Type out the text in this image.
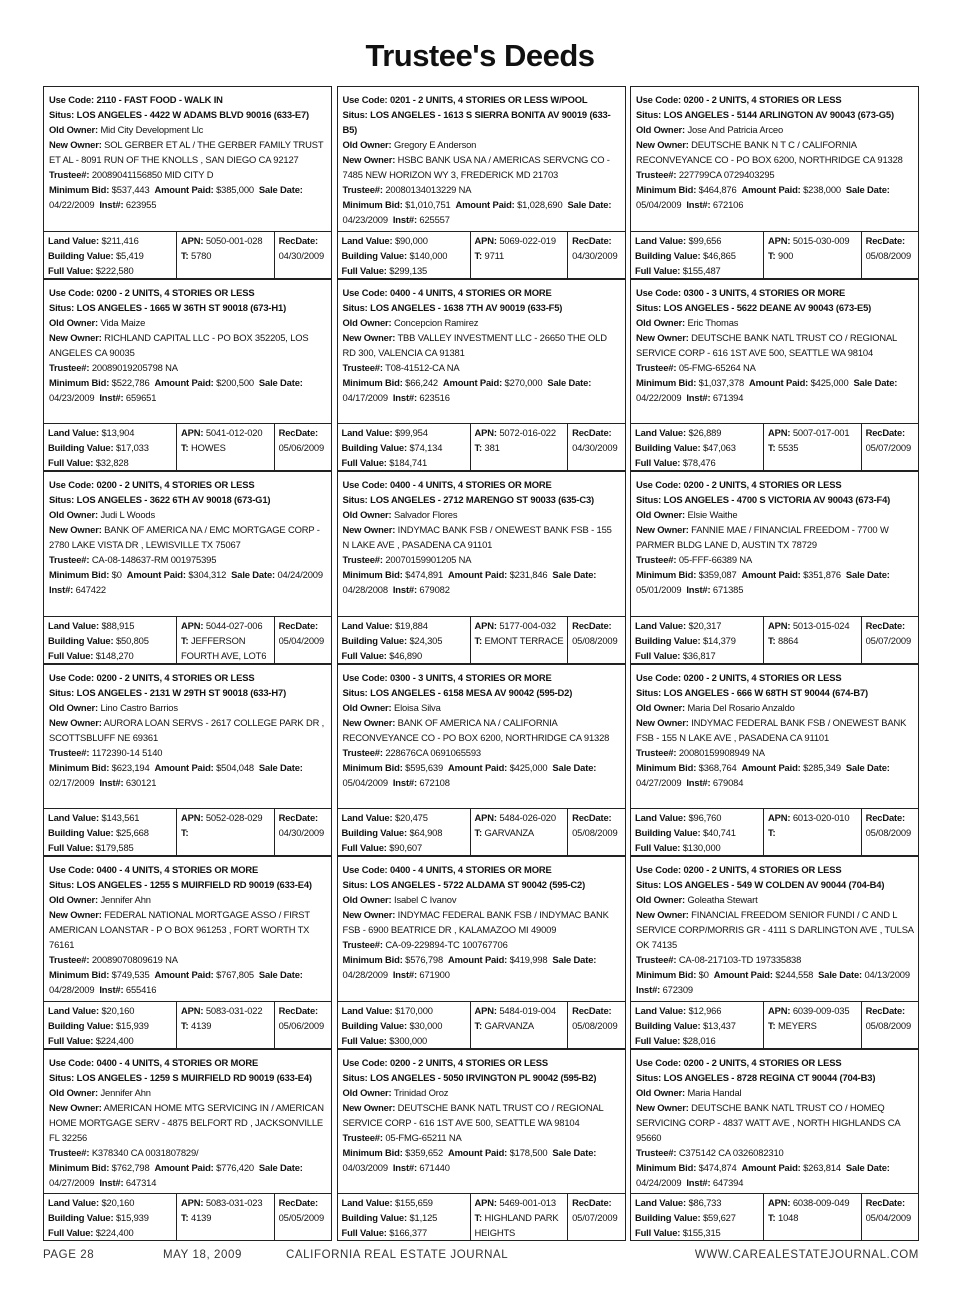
Trustee's Deeds
Use Code: 2110 - FAST FOOD - WALK IN
Situs: LOS ANGELES - 4422 W ADAMS BLVD 90016 (633-E7)
Old Owner: Mid City Development Llc
New Owner: SOL GERBER ET AL / THE GERBER FAMILY TRUST ET AL - 8091 RUN OF THE KNOLLS , SAN DIEGO CA 92127
Trustee#: 20089041156850 MID CITY D
Minimum Bid: $537,443 Amount Paid: $385,000 Sale Date: 04/22/2009 Inst#: 623955
Land Value: $211,416
Building Value: $5,419
Full Value: $222,580
APN: 5050-001-028
T: 5780
RecDate:
04/30/2009
Use Code: 0201 - 2 UNITS, 4 STORIES OR LESS W/POOL
Situs: LOS ANGELES - 1613 S SIERRA BONITA AV 90019 (633-B5)
Old Owner: Gregory E Anderson
New Owner: HSBC BANK USA NA / AMERICAS SERVCNG CO - 7485 NEW HORIZON WY 3, FREDERICK MD 21703
Trustee#: 20080134013229 NA
Minimum Bid: $1,010,751 Amount Paid: $1,028,690 Sale Date: 04/23/2009 Inst#: 625557
Land Value: $90,000
Building Value: $140,000
Full Value: $299,135
APN: 5069-022-019
T: 9711
RecDate:
04/30/2009
Use Code: 0200 - 2 UNITS, 4 STORIES OR LESS
Situs: LOS ANGELES - 5144 ARLINGTON AV 90043 (673-G5)
Old Owner: Jose And Patricia Arceo
New Owner: DEUTSCHE BANK N T C / CALIFORNIA RECONVEYANCE CO - PO BOX 6200, NORTHRIDGE CA 91328
Trustee#: 227799CA 0729403295
Minimum Bid: $464,876 Amount Paid: $238,000 Sale Date: 05/04/2009 Inst#: 672106
Land Value: $99,656
Building Value: $46,865
Full Value: $155,487
APN: 5015-030-009
T: 900
RecDate:
05/08/2009
Use Code: 0200 - 2 UNITS, 4 STORIES OR LESS
Situs: LOS ANGELES - 1665 W 36TH ST 90018 (673-H1)
Old Owner: Vida Maize
New Owner: RICHLAND CAPITAL LLC - PO BOX 352205, LOS ANGELES CA 90035
Trustee#: 20089019205798 NA
Minimum Bid: $522,786 Amount Paid: $200,500 Sale Date: 04/23/2009 Inst#: 659651
Land Value: $13,904
Building Value: $17,033
Full Value: $32,828
APN: 5041-012-020
T: HOWES
RecDate:
05/06/2009
Use Code: 0400 - 4 UNITS, 4 STORIES OR MORE
Situs: LOS ANGELES - 1638 7TH AV 90019 (633-F5)
Old Owner: Concepcion Ramirez
New Owner: TBB VALLEY INVESTMENT LLC - 26650 THE OLD RD 300, VALENCIA CA 91381
Trustee#: T08-41512-CA NA
Minimum Bid: $66,242 Amount Paid: $270,000 Sale Date: 04/17/2009 Inst#: 623516
Land Value: $99,954
Building Value: $74,134
Full Value: $184,741
APN: 5072-016-022
T: 381
RecDate:
04/30/2009
Use Code: 0300 - 3 UNITS, 4 STORIES OR MORE
Situs: LOS ANGELES - 5622 DEANE AV 90043 (673-E5)
Old Owner: Eric Thomas
New Owner: DEUTSCHE BANK NATL TRUST CO / REGIONAL SERVICE CORP - 616 1ST AVE 500, SEATTLE WA 98104
Trustee#: 05-FMG-65264 NA
Minimum Bid: $1,037,378 Amount Paid: $425,000 Sale Date: 04/22/2009 Inst#: 671394
Land Value: $26,889
Building Value: $47,063
Full Value: $78,476
APN: 5007-017-001
T: 5535
RecDate:
05/07/2009
Use Code: 0200 - 2 UNITS, 4 STORIES OR LESS
Situs: LOS ANGELES - 3622 6TH AV 90018 (673-G1)
Old Owner: Judi L Woods
New Owner: BANK OF AMERICA NA / EMC MORTGAGE CORP - 2780 LAKE VISTA DR , LEWISVILLE TX 75067
Trustee#: CA-08-148637-RM 001975395
Minimum Bid: $0 Amount Paid: $304,312 Sale Date: 04/24/2009  Inst#: 647422
Land Value: $88,915
Building Value: $50,805
Full Value: $148,270
APN: 5044-027-006
T: JEFFERSON FOURTH AVE, LOT6
RecDate:
05/04/2009
Use Code: 0400 - 4 UNITS, 4 STORIES OR MORE
Situs: LOS ANGELES - 2712 MARENGO ST 90033 (635-C3)
Old Owner: Salvador Flores
New Owner: INDYMAC BANK FSB / ONEWEST BANK FSB - 155 N LAKE AVE , PASADENA CA 91101
Trustee#: 20070159901205 NA
Minimum Bid: $474,891 Amount Paid: $231,846 Sale Date: 04/28/2008 Inst#: 679082
Land Value: $19,884
Building Value: $24,305
Full Value: $46,890
APN: 5177-004-032
T: EMONT TERRACE
RecDate:
05/08/2009
Use Code: 0200 - 2 UNITS, 4 STORIES OR LESS
Situs: LOS ANGELES - 4700 S VICTORIA AV 90043 (673-F4)
Old Owner: Elsie Waithe
New Owner: FANNIE MAE / FINANCIAL FREEDOM - 7700 W PARMER BLDG LANE D, AUSTIN TX 78729
Trustee#: 05-FFF-66389 NA
Minimum Bid: $359,087 Amount Paid: $351,876 Sale Date: 05/01/2009 Inst#: 671385
Land Value: $20,317
Building Value: $14,379
Full Value: $36,817
APN: 5013-015-024
T: 8864
RecDate:
05/07/2009
Use Code: 0200 - 2 UNITS, 4 STORIES OR LESS
Situs: LOS ANGELES - 2131 W 29TH ST 90018 (633-H7)
Old Owner: Lino Castro Barrios
New Owner: AURORA LOAN SERVS - 2617 COLLEGE PARK DR , SCOTTSBLUFF NE 69361
Trustee#: 1172390-14 5140
Minimum Bid: $623,194 Amount Paid: $504,048 Sale Date: 02/17/2009 Inst#: 630121
Land Value: $143,561
Building Value: $25,668
Full Value: $179,585
APN: 5052-028-029
T:
RecDate:
04/30/2009
Use Code: 0300 - 3 UNITS, 4 STORIES OR MORE
Situs: LOS ANGELES - 6158 MESA AV 90042 (595-D2)
Old Owner: Eloisa Silva
New Owner: BANK OF AMERICA NA / CALIFORNIA RECONVEYANCE CO - PO BOX 6200, NORTHRIDGE CA 91328
Trustee#: 228676CA 0691065593
Minimum Bid: $595,639 Amount Paid: $425,000 Sale Date: 05/04/2009 Inst#: 672108
Land Value: $20,475
Building Value: $64,908
Full Value: $90,607
APN: 5484-026-020
T: GARVANZA
RecDate:
05/08/2009
Use Code: 0200 - 2 UNITS, 4 STORIES OR LESS
Situs: LOS ANGELES - 666 W 68TH ST 90044 (674-B7)
Old Owner: Maria Del Rosario Anzaldo
New Owner: INDYMAC FEDERAL BANK FSB / ONEWEST BANK FSB - 155 N LAKE AVE , PASADENA CA 91101
Trustee#: 20080159908949 NA
Minimum Bid: $368,764 Amount Paid: $285,349 Sale Date: 04/27/2009 Inst#: 679084
Land Value: $96,760
Building Value: $40,741
Full Value: $130,000
APN: 6013-020-010
T:
RecDate:
05/08/2009
Use Code: 0400 - 4 UNITS, 4 STORIES OR MORE
Situs: LOS ANGELES - 1255 S MUIRFIELD RD 90019 (633-E4)
Old Owner: Jennifer Ahn
New Owner: FEDERAL NATIONAL MORTGAGE ASSO / FIRST AMERICAN LOANSTAR - P O BOX 961253 , FORT WORTH TX 76161
Trustee#: 20089070809619 NA
Minimum Bid: $749,535 Amount Paid: $767,805 Sale Date: 04/28/2009 Inst#: 655416
Land Value: $20,160
Building Value: $15,939
Full Value: $224,400
APN: 5083-031-022
T: 4139
RecDate:
05/06/2009
Use Code: 0400 - 4 UNITS, 4 STORIES OR MORE
Situs: LOS ANGELES - 5722 ALDAMA ST 90042 (595-C2)
Old Owner: Isabel C Ivanov
New Owner: INDYMAC FEDERAL BANK FSB / INDYMAC BANK FSB - 6900 BEATRICE DR , KALAMAZOO MI 49009
Trustee#: CA-09-229894-TC 100767706
Minimum Bid: $576,798 Amount Paid: $419,998 Sale Date: 04/28/2009 Inst#: 671900
Land Value: $170,000
Building Value: $30,000
Full Value: $300,000
APN: 5484-019-004
T: GARVANZA
RecDate:
05/08/2009
Use Code: 0200 - 2 UNITS, 4 STORIES OR LESS
Situs: LOS ANGELES - 549 W COLDEN AV 90044 (704-B4)
Old Owner: Goleatha Stewart
New Owner: FINANCIAL FREEDOM SENIOR FUNDI / C AND L SERVICE CORP/MORRIS GR - 4111 S DARLINGTON AVE , TULSA OK 74135
Trustee#: CA-08-217103-TD 197335838
Minimum Bid: $0 Amount Paid: $244,558 Sale Date: 04/13/2009  Inst#: 672309
Land Value: $12,966
Building Value: $13,437
Full Value: $28,016
APN: 6039-009-035
T: MEYERS
RecDate:
05/08/2009
Use Code: 0400 - 4 UNITS, 4 STORIES OR MORE
Situs: LOS ANGELES - 1259 S MUIRFIELD RD 90019 (633-E4)
Old Owner: Jennifer Ahn
New Owner: AMERICAN HOME MTG SERVICING IN / AMERICAN HOME MORTGAGE SERV - 4875 BELFORT RD , JACKSONVILLE FL 32256
Trustee#: K378340 CA 0031807829/
Minimum Bid: $762,798 Amount Paid: $776,420 Sale Date: 04/27/2009 Inst#: 647314
Land Value: $20,160
Building Value: $15,939
Full Value: $224,400
APN: 5083-031-023
T: 4139
RecDate:
05/05/2009
Use Code: 0200 - 2 UNITS, 4 STORIES OR LESS
Situs: LOS ANGELES - 5050 IRVINGTON PL 90042 (595-B2)
Old Owner: Trinidad Oroz
New Owner: DEUTSCHE BANK NATL TRUST CO / REGIONAL SERVICE CORP - 616 1ST AVE 500, SEATTLE WA 98104
Trustee#: 05-FMG-65211 NA
Minimum Bid: $359,652 Amount Paid: $178,500 Sale Date: 04/03/2009 Inst#: 671440
Land Value: $155,659
Building Value: $1,125
Full Value: $166,377
APN: 5469-001-013
T: HIGHLAND PARK HEIGHTS
RecDate:
05/07/2009
Use Code: 0200 - 2 UNITS, 4 STORIES OR LESS
Situs: LOS ANGELES - 8728 REGINA CT 90044 (704-B3)
Old Owner: Maria Handal
New Owner: DEUTSCHE BANK NATL TRUST CO / HOMEQ SERVICING CORP - 4837 WATT AVE , NORTH HIGHLANDS CA 95660
Trustee#: C375142 CA 0326082310
Minimum Bid: $474,874 Amount Paid: $263,814 Sale Date: 04/24/2009 Inst#: 647394
Land Value: $86,733
Building Value: $59,627
Full Value: $155,315
APN: 6038-009-049
T: 1048
RecDate:
05/04/2009
PAGE 28	MAY 18, 2009	CALIFORNIA REAL ESTATE JOURNAL	WWW.CAREALESTATEJOURNAL.COM
